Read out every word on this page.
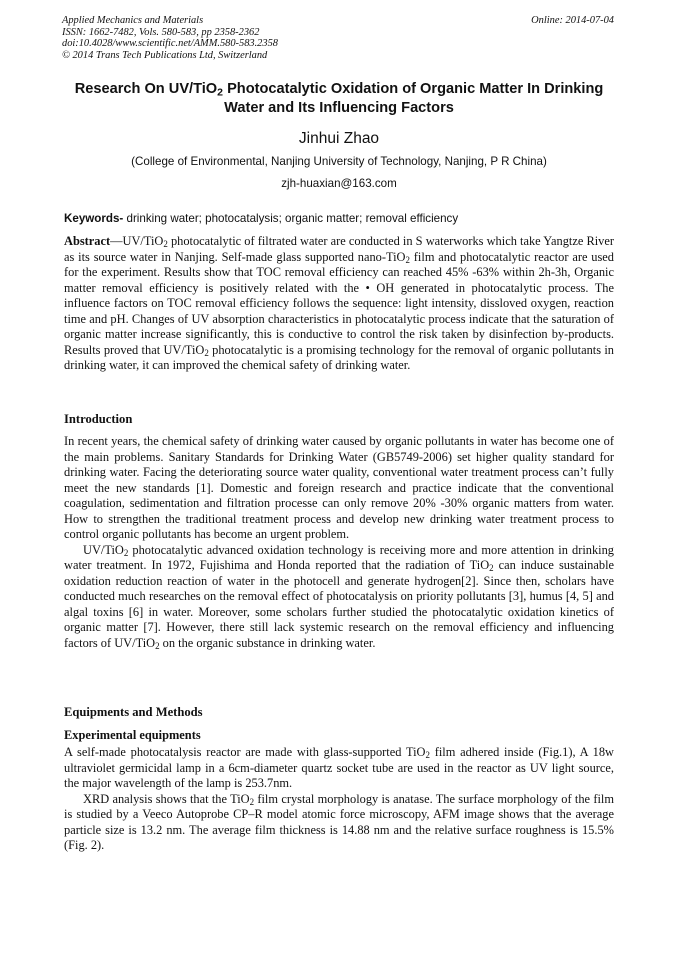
Applied Mechanics and Materials
ISSN: 1662-7482, Vols. 580-583, pp 2358-2362
doi:10.4028/www.scientific.net/AMM.580-583.2358
© 2014 Trans Tech Publications Ltd, Switzerland
Online: 2014-07-04
Research On UV/TiO$_2$ Photocatalytic Oxidation of Organic Matter In Drinking Water and Its Influencing Factors
Jinhui Zhao
(College of Environmental, Nanjing University of Technology, Nanjing, P R China)
zjh-huaxian@163.com
Keywords- drinking water; photocatalysis; organic matter; removal efficiency

Abstract—UV/TiO$_2$ photocatalytic of filtrated water are conducted in S waterworks which take Yangtze River as its source water in Nanjing. Self-made glass supported nano-TiO$_2$ film and photocatalytic reactor are used for the experiment. Results show that TOC removal efficiency can reached 45% -63% within 2h-3h, Organic matter removal efficiency is positively related with the • OH generated in photocatalytic process. The influence factors on TOC removal efficiency follows the sequence: light intensity, dissloved oxygen, reaction time and pH. Changes of UV absorption characteristics in photocatalytic process indicate that the saturation of organic matter increase significantly, this is conductive to control the risk taken by disinfection by-products. Results proved that UV/TiO$_2$ photocatalytic is a promising technology for the removal of organic pollutants in drinking water, it can improved the chemical safety of drinking water.

Introduction

In recent years, the chemical safety of drinking water caused by organic pollutants in water has become one of the main problems. Sanitary Standards for Drinking Water (GB5749-2006) set higher quality standard for drinking water. Facing the deteriorating source water quality, conventional water treatment process can’t fully meet the new standards [1]. Domestic and foreign research and practice indicate that the conventional coagulation, sedimentation and filtration processe can only remove 20% -30% organic matters from water. How to strengthen the traditional treatment process and develop new drinking water treatment process to control organic pollutants has become an urgent problem.

UV/TiO$_2$ photocatalytic advanced oxidation technology is receiving more and more attention in drinking water treatment. In 1972, Fujishima and Honda reported that the radiation of TiO$_2$ can induce sustainable oxidation reduction reaction of water in the photocell and generate hydrogen[2]. Since then, scholars have conducted much researches on the removal effect of photocatalysis on priority pollutants [3], humus [4, 5] and algal toxins [6] in water. Moreover, some scholars further studied the photocatalytic oxidation kinetics of organic matter [7]. However, there still lack systemic research on the removal efficiency and influencing factors of UV/TiO$_2$ on the organic substance in drinking water.

Equipments and Methods
Experimental equipments

A self-made photocatalysis reactor are made with glass-supported TiO$_2$ film adhered inside (Fig.1), A 18w ultraviolet germicidal lamp in a 6cm-diameter quartz socket tube are used in the reactor as UV light source, the major wavelength of the lamp is 253.7nm.

XRD analysis shows that the TiO$_2$ film crystal morphology is anatase. The surface morphology of the film is studied by a Veeco Autoprobe CP–R model atomic force microscopy, AFM image shows that the average particle size is 13.2 nm. The average film thickness is 14.88 nm and the relative surface roughness is 15.5% (Fig. 2).
